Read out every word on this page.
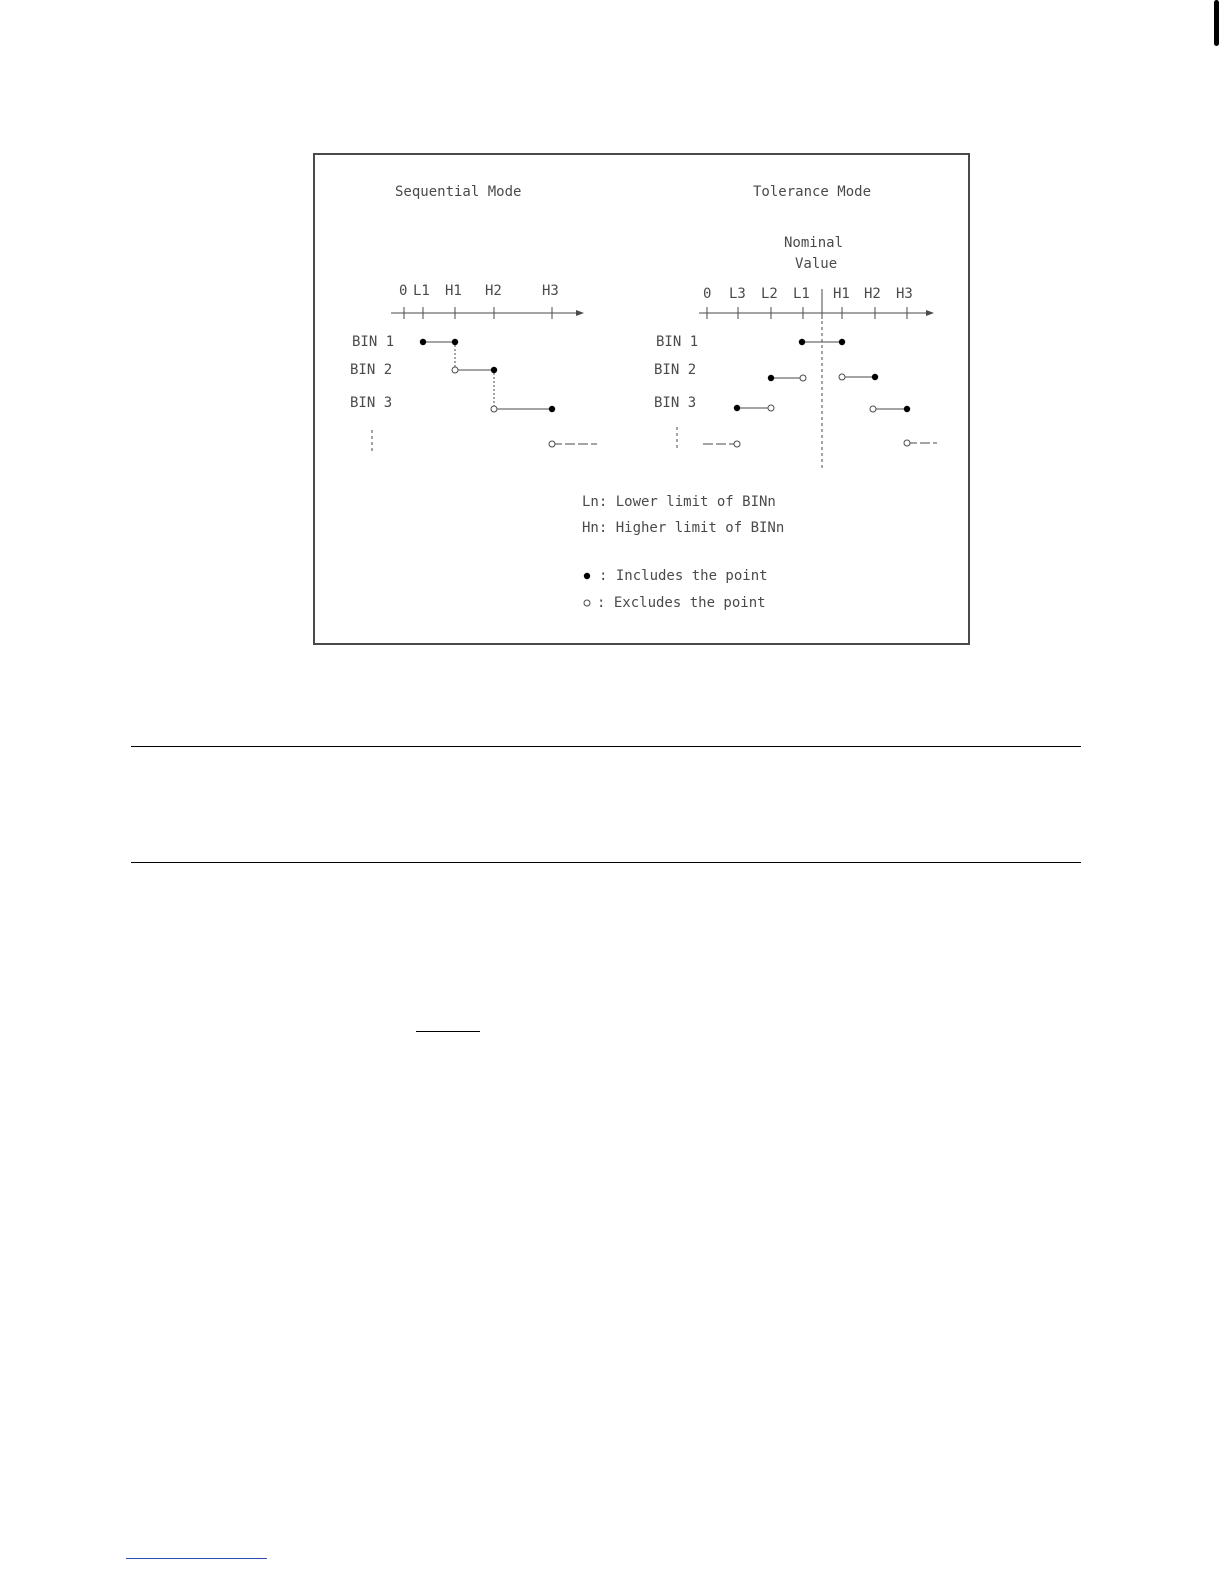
Sequential Mode
0 L1 H1 H2	H3
BIN 1
BIN 2
BIN 3
Tolerance Mode
Nominal
Value
0 L3 L2 L1 H1 H2 H3
BIN 1
BIN 2
BIN 3
Ln: Lower limit of BINn
Hn: Higher limit of BINn
: Includes the point
: Excludes the point
